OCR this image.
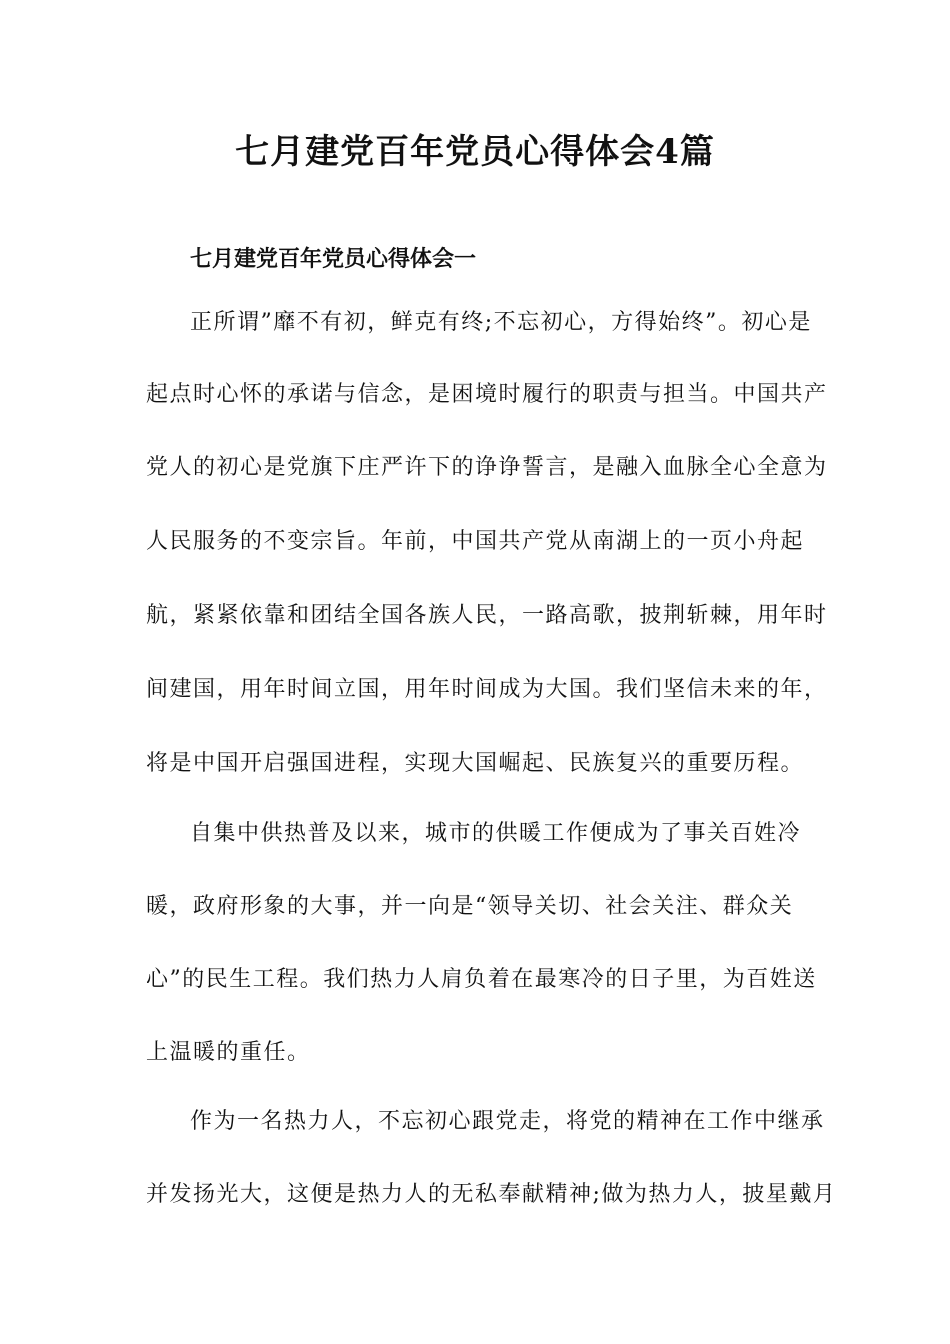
七月建党百年党员心得体会4篇
七月建党百年党员心得体会一

正所谓”靡不有初，鲜克有终;不忘初心，方得始终”。初心是

起点时心怀的承诺与信念，是困境时履行的职责与担当。中国共产

党人的初心是党旗下庄严许下的诤诤誓言，是融入血脉全心全意为

人民服务的不变宗旨。年前，中国共产党从南湖上的一页小舟起

航，紧紧依靠和团结全国各族人民，一路高歌，披荆斩棘，用年时

间建国，用年时间立国，用年时间成为大国。我们坚信未来的年，

将是中国开启强国进程，实现大国崛起、民族复兴的重要历程。

自集中供热普及以来，城市的供暖工作便成为了事关百姓冷

暖，政府形象的大事，并一向是“领导关切、社会关注、群众关

心”的民生工程。我们热力人肩负着在最寒冷的日子里，为百姓送

上温暖的重任。

作为一名热力人，不忘初心跟党走，将党的精神在工作中继承

并发扬光大，这便是热力人的无私奉献精神;做为热力人，披星戴月
